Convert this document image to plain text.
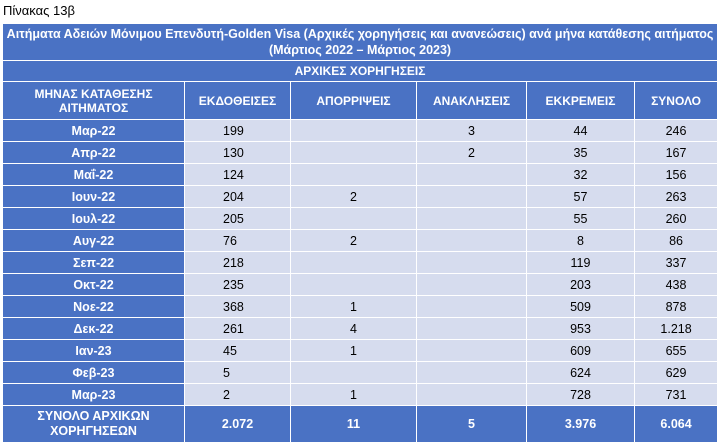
Πίνακας 13β
Αιτήματα Αδειών Μόνιμου Επενδυτή-Golden Visa (Αρχικές χορηγήσεις και ανανεώσεις) ανά μήνα κατάθεσης αιτήματος (Μάρτιος 2022 – Μάρτιος 2023)					
ΑΡΧΙΚΕΣ ΧΟΡΗΓΗΣΕΙΣ					
ΜΗΝΑΣ ΚΑΤΑΘΕΣΗΣ ΑΙΤΗΜΑΤΟΣ	ΕΚΔΟΘΕΙΣΕΣ	ΑΠΟΡΡΙΨΕΙΣ	ΑΝΑΚΛΗΣΕΙΣ	ΕΚΚΡΕΜΕΙΣ	ΣΥΝΟΛΟ
Μαρ-22	199		3	44	246
Απρ-22	130		2	35	167
Μαΐ-22	124			32	156
Ιουν-22	204	2		57	263
Ιουλ-22	205			55	260
Αυγ-22	76	2		8	86
Σεπ-22	218			119	337
Οκτ-22	235			203	438
Νοε-22	368	1		509	878
Δεκ-22	261	4		953	1.218
Ιαν-23	45	1		609	655
Φεβ-23	5			624	629
Μαρ-23	2	1		728	731
ΣΥΝΟΛΟ ΑΡΧΙΚΩΝ ΧΟΡΗΓΗΣΕΩΝ	2.072	11	5	3.976	6.064
